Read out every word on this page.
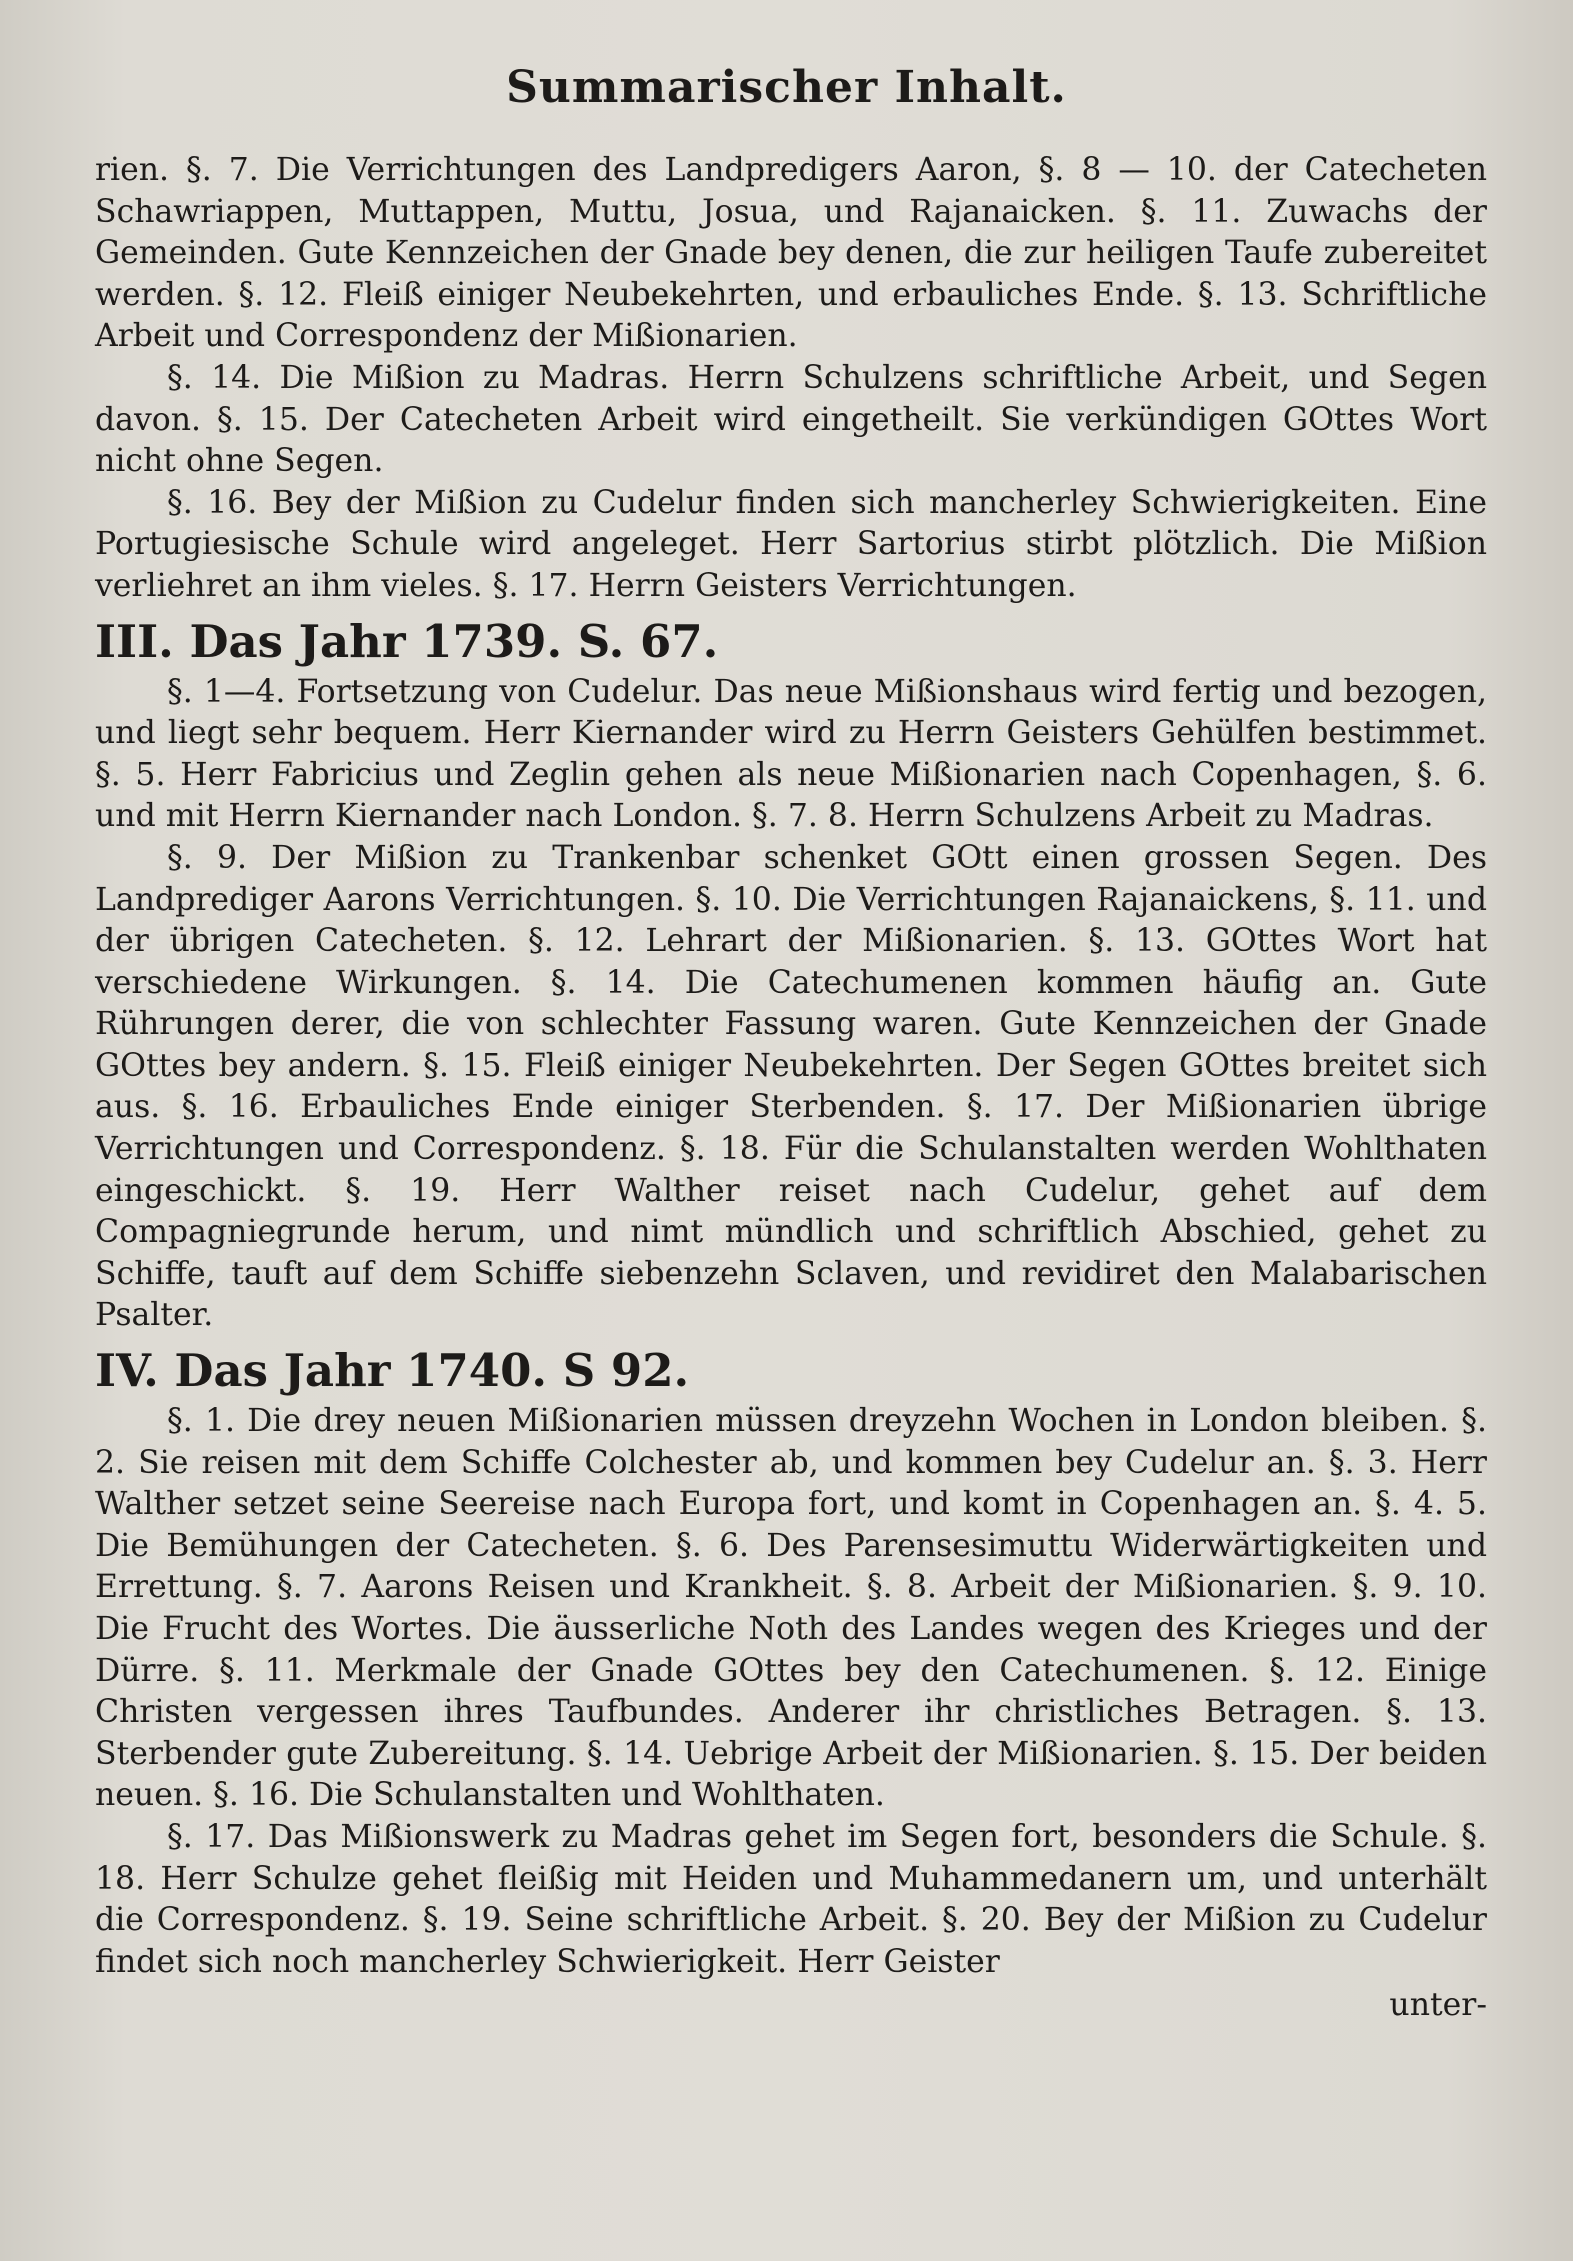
Summarischer Inhalt.

rien. §. 7. Die Verrichtungen des Landpredigers Aaron, §. 8 — 10. der Catecheten Schawriappen, Muttappen, Muttu, Josua, und Rajanaicken. §. 11. Zuwachs der Gemeinden. Gute Kennzeichen der Gnade bey denen, die zur heiligen Taufe zubereitet werden. §. 12. Fleiß einiger Neubekehrten, und erbauliches Ende. §. 13. Schriftliche Arbeit und Correspondenz der Mißionarien.

§. 14. Die Mißion zu Madras. Herrn Schulzens schriftliche Arbeit, und Segen davon. §. 15. Der Catecheten Arbeit wird eingetheilt. Sie verkündigen GOttes Wort nicht ohne Segen.

§. 16. Bey der Mißion zu Cudelur finden sich mancherley Schwierigkeiten. Eine Portugiesische Schule wird angeleget. Herr Sartorius stirbt plötzlich. Die Mißion verliehret an ihm vieles. §. 17. Herrn Geisters Verrichtungen.

III. Das Jahr 1739. S. 67.

§. 1—4. Fortsetzung von Cudelur. Das neue Mißionshaus wird fertig und bezogen, und liegt sehr bequem. Herr Kiernander wird zu Herrn Geisters Gehülfen bestimmet. §. 5. Herr Fabricius und Zeglin gehen als neue Mißionarien nach Copenhagen, §. 6. und mit Herrn Kiernander nach London. §. 7. 8. Herrn Schulzens Arbeit zu Madras.

§. 9. Der Mißion zu Trankenbar schenket GOtt einen grossen Segen. Des Landprediger Aarons Verrichtungen. §. 10. Die Verrichtungen Rajanaickens, §. 11. und der übrigen Catecheten. §. 12. Lehrart der Mißionarien. §. 13. GOttes Wort hat verschiedene Wirkungen. §. 14. Die Catechumenen kommen häufig an. Gute Rührungen derer, die von schlechter Fassung waren. Gute Kennzeichen der Gnade GOttes bey andern. §. 15. Fleiß einiger Neubekehrten. Der Segen GOttes breitet sich aus. §. 16. Erbauliches Ende einiger Sterbenden. §. 17. Der Mißionarien übrige Verrichtungen und Correspondenz. §. 18. Für die Schulanstalten werden Wohlthaten eingeschickt. §. 19. Herr Walther reiset nach Cudelur, gehet auf dem Compagniegrunde herum, und nimt mündlich und schriftlich Abschied, gehet zu Schiffe, tauft auf dem Schiffe siebenzehn Sclaven, und revidiret den Malabarischen Psalter.

IV. Das Jahr 1740. S 92.

§. 1. Die drey neuen Mißionarien müssen dreyzehn Wochen in London bleiben. §. 2. Sie reisen mit dem Schiffe Colchester ab, und kommen bey Cudelur an. §. 3. Herr Walther setzet seine Seereise nach Europa fort, und komt in Copenhagen an. §. 4. 5. Die Bemühungen der Catecheten. §. 6. Des Parensesimuttu Widerwärtigkeiten und Errettung. §. 7. Aarons Reisen und Krankheit. §. 8. Arbeit der Mißionarien. §. 9. 10. Die Frucht des Wortes. Die äusserliche Noth des Landes wegen des Krieges und der Dürre. §. 11. Merkmale der Gnade GOttes bey den Catechumenen. §. 12. Einige Christen vergessen ihres Taufbundes. Anderer ihr christliches Betragen. §. 13. Sterbender gute Zubereitung. §. 14. Uebrige Arbeit der Mißionarien. §. 15. Der beiden neuen. §. 16. Die Schulanstalten und Wohlthaten.

§. 17. Das Mißionswerk zu Madras gehet im Segen fort, besonders die Schule. §. 18. Herr Schulze gehet fleißig mit Heiden und Muhammedanern um, und unterhält die Correspondenz. §. 19. Seine schriftliche Arbeit. §. 20. Bey der Mißion zu Cudelur findet sich noch mancherley Schwierigkeit. Herr Geister

unter-
